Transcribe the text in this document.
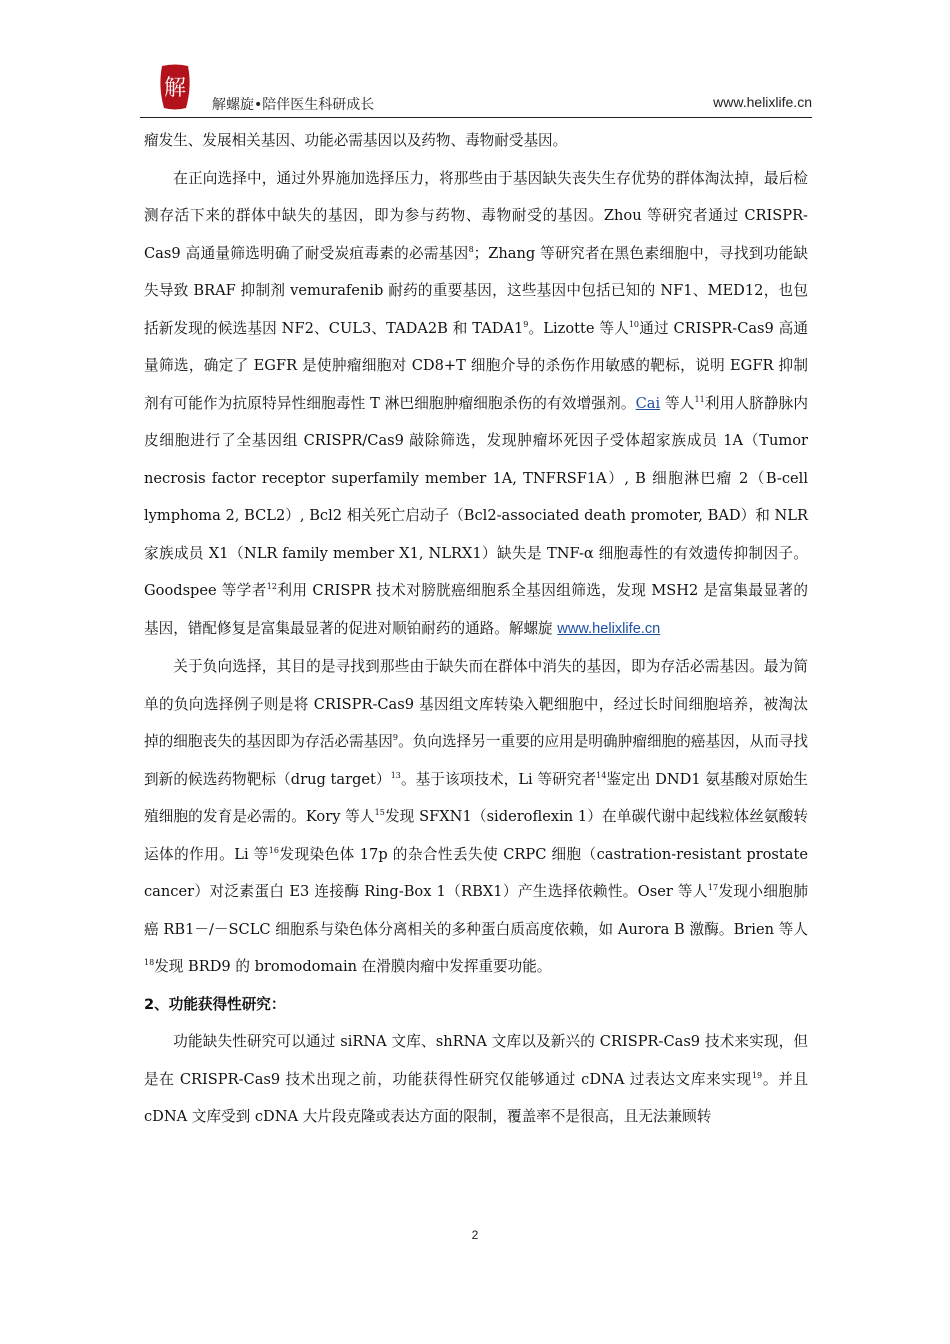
解
解螺旋•陪伴医生科研成长	www.helixlife.cn

瘤发生、发展相关基因、功能必需基因以及药物、毒物耐受基因。

在正向选择中，通过外界施加选择压力，将那些由于基因缺失丧失生存优势的群体淘汰掉，最后检测存活下来的群体中缺失的基因，即为参与药物、毒物耐受的基因。Zhou 等研究者通过 CRISPR-Cas9 高通量筛选明确了耐受炭疽毒素的必需基因$^8$；Zhang 等研究者在黑色素细胞中，寻找到功能缺失导致 BRAF 抑制剂 vemurafenib 耐药的重要基因，这些基因中包括已知的 NF1、MED12，也包括新发现的候选基因 NF2、CUL3、TADA2B 和 $TADA1^9$。Lizotte 等人$^{10}$通过 CRISPR-Cas9 高通量筛选，确定了 EGFR 是使肿瘤细胞对 CD8+T 细胞介导的杀伤作用敏感的靶标，说明 EGFR 抑制剂有可能作为抗原特异性细胞毒性 T 淋巴细胞肿瘤细胞杀伤的有效增强剂。Cai 等人$^{11}$利用人脐静脉内皮细胞进行了全基因组 CRISPR/Cas9 敲除筛选，发现肿瘤坏死因子受体超家族成员 1A（Tumor necrosis factor receptor superfamily member 1A, TNFRSF1A）, B 细胞淋巴瘤 2（B-cell lymphoma 2, BCL2）, Bcl2 相关死亡启动子（Bcl2-associated death promoter, BAD）和 NLR 家族成员 X1（NLR family member X1, NLRX1）缺失是 TNF-α 细胞毒性的有效遗传抑制因子。Goodspee 等学者$^{12}$利用 CRISPR 技术对膀胱癌细胞系全基因组筛选，发现 MSH2 是富集最显著的基因，错配修复是富集最显著的促进对顺铂耐药的通路。解螺旋 www.helixlife.cn

关于负向选择，其目的是寻找到那些由于缺失而在群体中消失的基因，即为存活必需基因。最为简单的负向选择例子则是将 CRISPR-Cas9 基因组文库转染入靶细胞中，经过长时间细胞培养，被淘汰掉的细胞丧失的基因即为存活必需基因$^9$。负向选择另一重要的应用是明确肿瘤细胞的癌基因，从而寻找到新的候选药物靶标（drug target）$^{13}$。基于该项技术，Li 等研究者$^{14}$鉴定出 DND1 氨基酸对原始生殖细胞的发育是必需的。Kory 等人$^{15}$发现 SFXN1（sideroflexin 1）在单碳代谢中起线粒体丝氨酸转运体的作用。Li 等$^{16}$发现染色体 17p 的杂合性丢失使 CRPC 细胞（castration-resistant prostate cancer）对泛素蛋白 E3 连接酶 Ring-Box 1（RBX1）产生选择依赖性。Oser 等人$^{17}$发现小细胞肺癌 RB1－/－SCLC 细胞系与染色体分离相关的多种蛋白质高度依赖，如 Aurora B 激酶。Brien 等人$^{18}$发现 BRD9 的 bromodomain 在滑膜肉瘤中发挥重要功能。

2、功能获得性研究：

功能缺失性研究可以通过 siRNA 文库、shRNA 文库以及新兴的 CRISPR-Cas9 技术来实现，但是在 CRISPR-Cas9 技术出现之前，功能获得性研究仅能够通过 cDNA 过表达文库来实现$^{19}$。并且 cDNA 文库受到 cDNA 大片段克隆或表达方面的限制，覆盖率不是很高，且无法兼顾转

2
